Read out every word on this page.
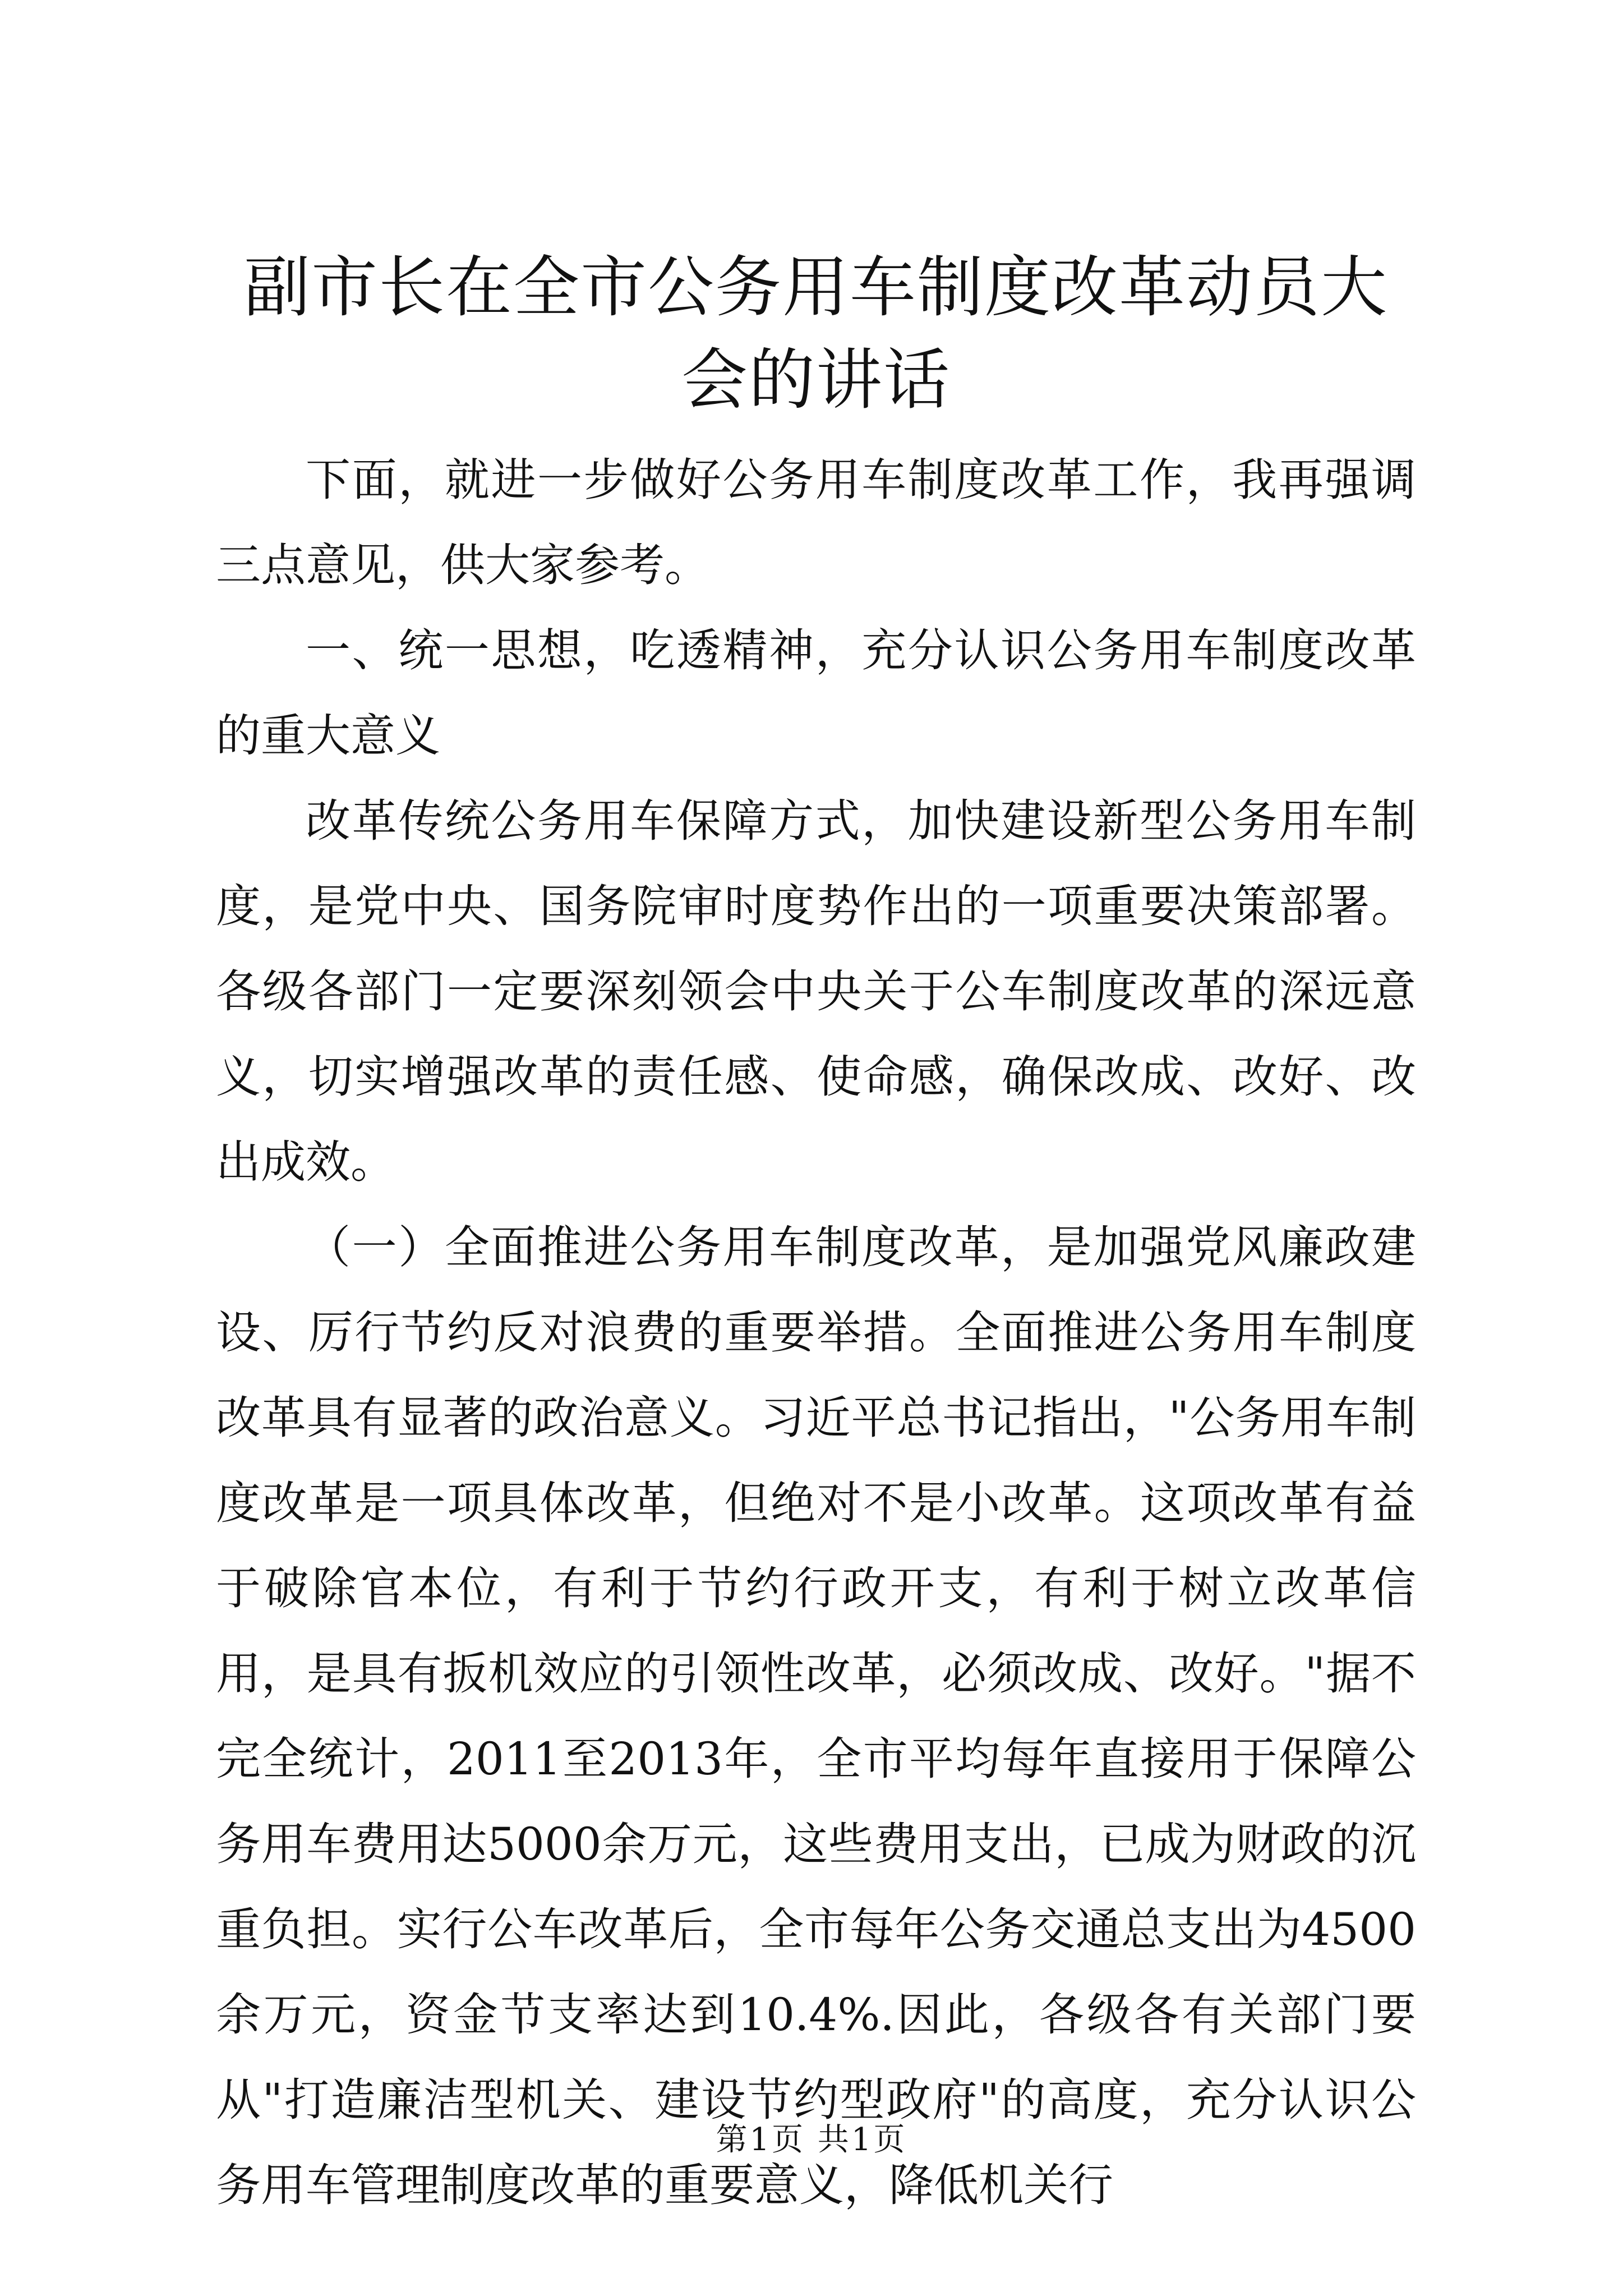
副市长在全市公务用车制度改革动员大会的讲话

下面，就进一步做好公务用车制度改革工作，我再强调三点意见，供大家参考。

一、统一思想，吃透精神，充分认识公务用车制度改革的重大意义

改革传统公务用车保障方式，加快建设新型公务用车制度，是党中央、国务院审时度势作出的一项重要决策部署。各级各部门一定要深刻领会中央关于公车制度改革的深远意义，切实增强改革的责任感、使命感，确保改成、改好、改出成效。

（一）全面推进公务用车制度改革，是加强党风廉政建设、厉行节约反对浪费的重要举措。全面推进公务用车制度改革具有显著的政治意义。习近平总书记指出，"公务用车制度改革是一项具体改革，但绝对不是小改革。这项改革有益于破除官本位，有利于节约行政开支，有利于树立改革信用，是具有扳机效应的引领性改革，必须改成、改好。"据不完全统计，2011至2013年，全市平均每年直接用于保障公务用车费用达5000余万元，这些费用支出，已成为财政的沉重负担。实行公车改革后，全市每年公务交通总支出为4500余万元，资金节支率达到10.4%.因此，各级各有关部门要从"打造廉洁型机关、建设节约型政府"的高度，充分认识公务用车管理制度改革的重要意义，降低机关行

第1页 共1页
